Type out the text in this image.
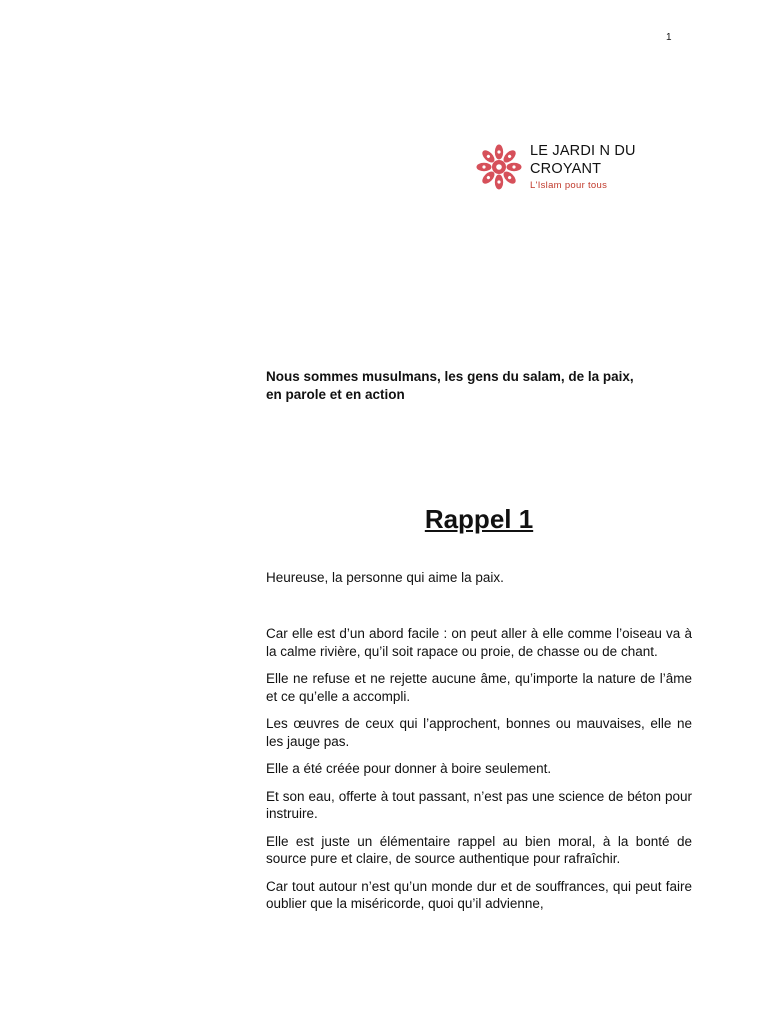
1
LE JARDI N DU
CROYANT
L'Islam pour tous
Nous sommes musulmans, les gens du salam, de la paix,
en parole et en action
Rappel 1
Heureuse, la personne qui aime la paix.

Car elle est d’un abord facile : on peut aller à elle comme l’oiseau va à la calme rivière, qu’il soit rapace ou proie, de chasse ou de chant.

Elle ne refuse et ne rejette aucune âme, qu’importe la nature de l’âme et ce qu’elle a accompli.

Les œuvres de ceux qui l’approchent, bonnes ou mauvaises, elle ne les jauge pas.

Elle a été créée pour donner à boire seulement.

Et son eau, offerte à tout passant, n’est pas une science de béton pour instruire.

Elle est juste un élémentaire rappel au bien moral, à la bonté de source pure et claire, de source authentique pour rafraîchir.

Car tout autour n’est qu’un monde dur et de souffrances, qui peut faire oublier que la miséricorde, quoi qu’il advienne,
